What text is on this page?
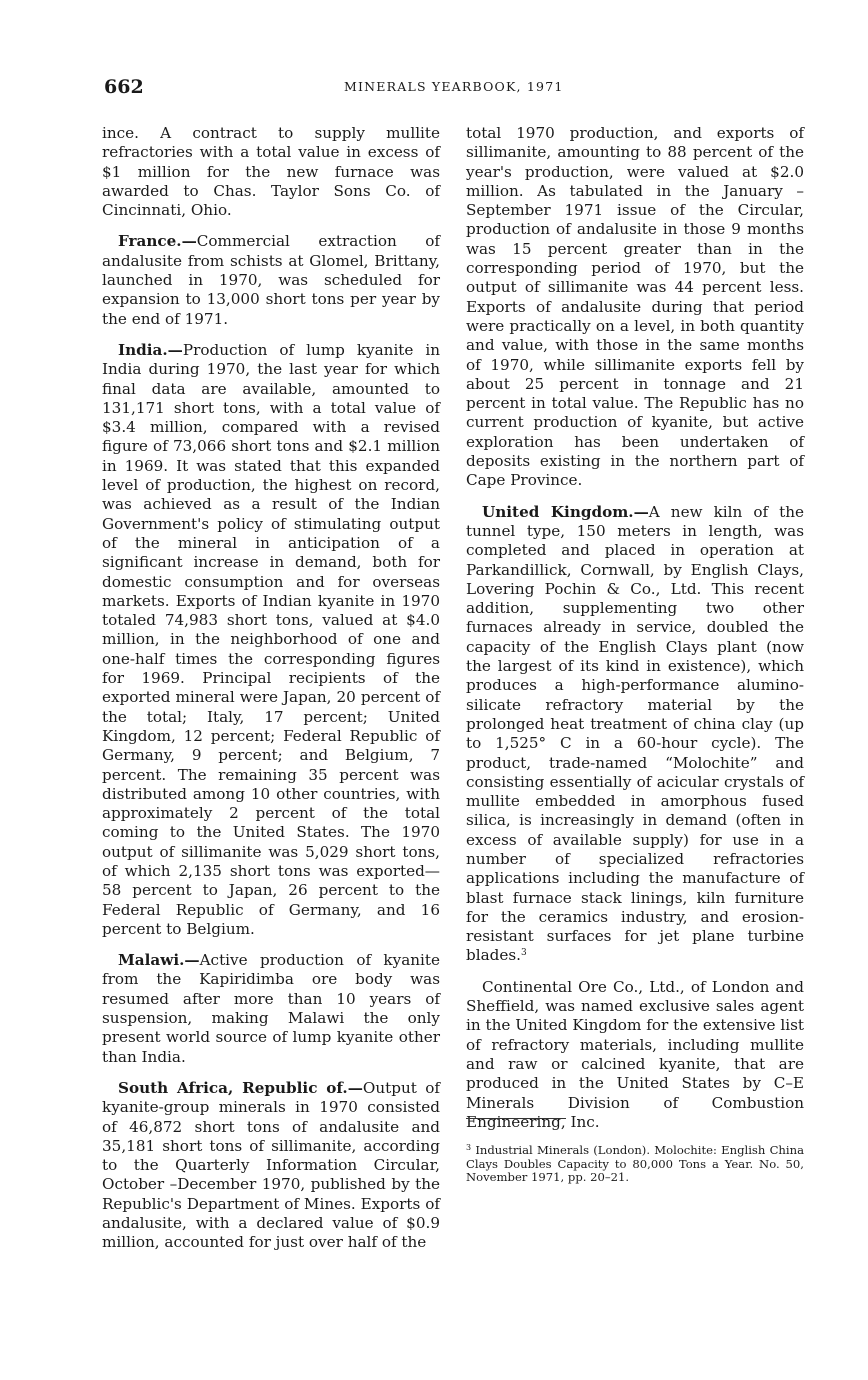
662	MINERALS YEARBOOK, 1971

ince. A contract to supply mullite refractories with a total value in excess of $1 million for the new furnace was awarded to Chas. Taylor Sons Co. of Cincinnati, Ohio.

France.—Commercial extraction of andalusite from schists at Glomel, Brittany, launched in 1970, was scheduled for expansion to 13,000 short tons per year by the end of 1971.

India.—Production of lump kyanite in India during 1970, the last year for which final data are available, amounted to 131,171 short tons, with a total value of $3.4 million, compared with a revised figure of 73,066 short tons and $2.1 million in 1969. It was stated that this expanded level of production, the highest on record, was achieved as a result of the Indian Government's policy of stimulating output of the mineral in anticipation of a significant increase in demand, both for domestic consumption and for overseas markets. Exports of Indian kyanite in 1970 totaled 74,983 short tons, valued at $4.0 million, in the neighborhood of one and one-half times the corresponding figures for 1969. Principal recipients of the exported mineral were Japan, 20 percent of the total; Italy, 17 percent; United Kingdom, 12 percent; Federal Republic of Germany, 9 percent; and Belgium, 7 percent. The remaining 35 percent was distributed among 10 other countries, with approximately 2 percent of the total coming to the United States. The 1970 output of sillimanite was 5,029 short tons, of which 2,135 short tons was exported—58 percent to Japan, 26 percent to the Federal Republic of Germany, and 16 percent to Belgium.

Malawi.—Active production of kyanite from the Kapiridimba ore body was resumed after more than 10 years of suspension, making Malawi the only present world source of lump kyanite other than India.

South Africa, Republic of.—Output of kyanite-group minerals in 1970 consisted of 46,872 short tons of andalusite and 35,181 short tons of sillimanite, according to the Quarterly Information Circular, October –December 1970, published by the Republic's Department of Mines. Exports of andalusite, with a declared value of $0.9 million, accounted for just over half of the

total 1970 production, and exports of sillimanite, amounting to 88 percent of the year's production, were valued at $2.0 million. As tabulated in the January –September 1971 issue of the Circular, production of andalusite in those 9 months was 15 percent greater than in the corresponding period of 1970, but the output of sillimanite was 44 percent less. Exports of andalusite during that period were practically on a level, in both quantity and value, with those in the same months of 1970, while sillimanite exports fell by about 25 percent in tonnage and 21 percent in total value. The Republic has no current production of kyanite, but active exploration has been undertaken of deposits existing in the northern part of Cape Province.

United Kingdom.—A new kiln of the tunnel type, 150 meters in length, was completed and placed in operation at Parkandillick, Cornwall, by English Clays, Lovering Pochin & Co., Ltd. This recent addition, supplementing two other furnaces already in service, doubled the capacity of the English Clays plant (now the largest of its kind in existence), which produces a high-performance alumino-silicate refractory material by the prolonged heat treatment of china clay (up to 1,525° C in a 60-hour cycle). The product, trade-named “Molochite” and consisting essentially of acicular crystals of mullite embedded in amorphous fused silica, is increasingly in demand (often in excess of available supply) for use in a number of specialized refractories applications including the manufacture of blast furnace stack linings, kiln furniture for the ceramics industry, and erosion-resistant surfaces for jet plane turbine blades.$^3$

Continental Ore Co., Ltd., of London and Sheffield, was named exclusive sales agent in the United Kingdom for the extensive list of refractory materials, including mullite and raw or calcined kyanite, that are produced in the United States by C–E Minerals Division of Combustion Engineering, Inc.

$^3$ Industrial Minerals (London). Molochite: English China Clays Doubles Capacity to 80,000 Tons a Year. No. 50, November 1971, pp. 20–21.
